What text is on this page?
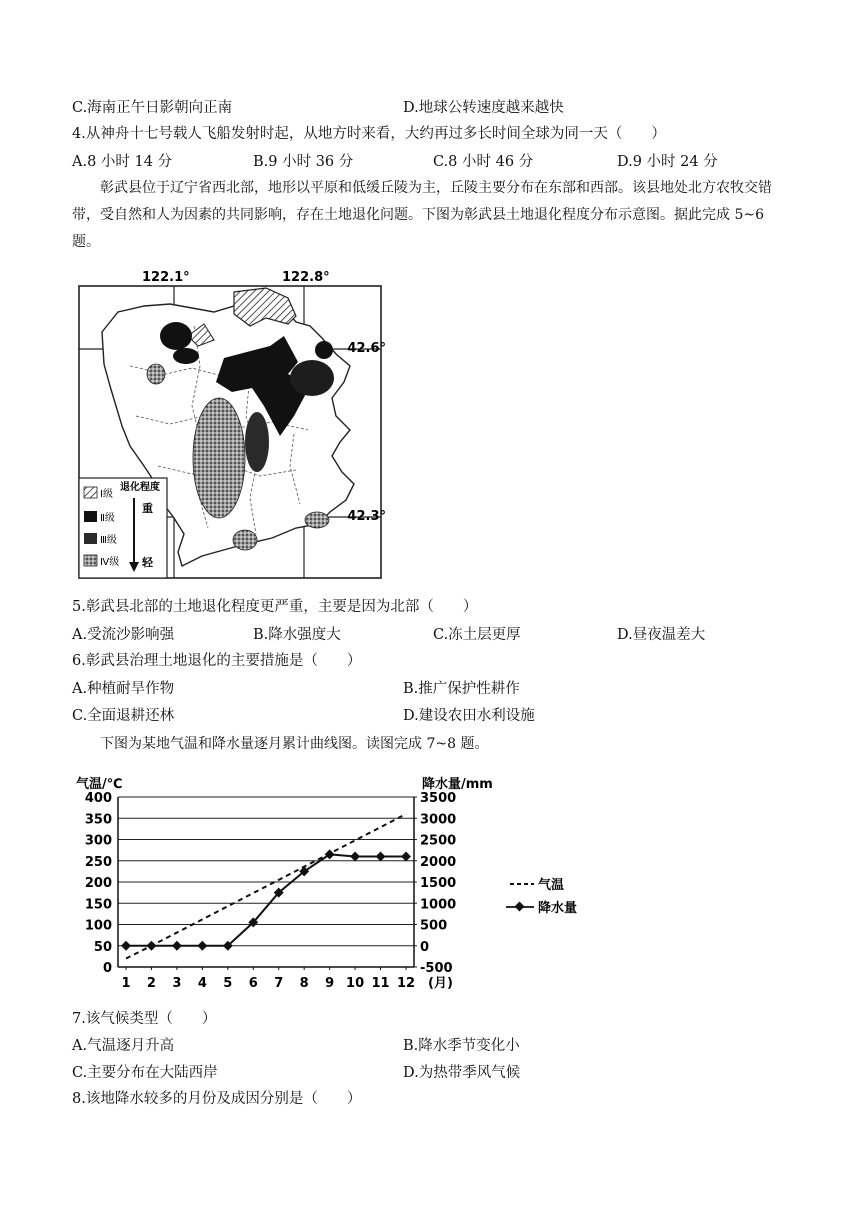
C.海南正午日影朝向正南	D.地球公转速度越来越快
4.从神舟十七号载人飞船发射时起，从地方时来看，大约再过多长时间全球为同一天（　　）
A.8 小时 14 分	B.9 小时 36 分	C.8 小时 46 分	D.9 小时 24 分
彰武县位于辽宁省西北部，地形以平原和低缓丘陵为主，丘陵主要分布在东部和西部。该县地处北方农牧交错带，受自然和人为因素的共同影响，存在土地退化问题。下图为彰武县土地退化程度分布示意图。据此完成 5~6 题。
122.1°	122.8°
42.6°
42.3°
退化程度
Ⅰ级
Ⅱ级
Ⅲ级
Ⅳ级
重
轻
5.彰武县北部的土地退化程度更严重，主要是因为北部（　　）
A.受流沙影响强	B.降水强度大	C.冻土层更厚	D.昼夜温差大
6.彰武县治理土地退化的主要措施是（　　）
A.种植耐旱作物	B.推广保护性耕作
C.全面退耕还林	D.建设农田水利设施
下图为某地气温和降水量逐月累计曲线图。读图完成 7~8 题。
0
50
100
150
200
250
300
350
400
-500
0
500
1000
1500
2000
2500
3000
3500
1 2 3 4 5 6 7 8 9 10 11 12
气温/℃	降水量/mm
(月)
气温
降水量
7.该气候类型（　　）
A.气温逐月升高	B.降水季节变化小
C.主要分布在大陆西岸	D.为热带季风气候
8.该地降水较多的月份及成因分别是（　　）
